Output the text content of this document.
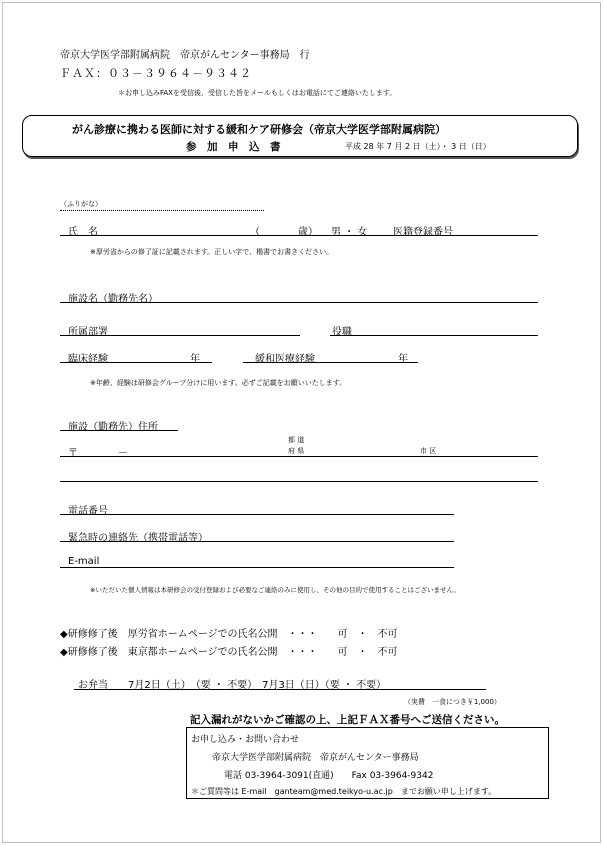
帝京大学医学部附属病院　帝京がんセンター事務局　行
ＦＡＸ：０３－３９６４－９３４２
＊お申し込みFAXを受信後、受信した旨をメールもしくはお電話にてご連絡いたします。
がん診療に携わる医師に対する緩和ケア研修会（帝京大学医学部附属病院）
参　加　申　込　書	平成 28 年 7 月 2 日（土）・ 3 日（日）
（ふりがな）
氏　名	（	歳） 男 ・ 女	医籍登録番号
※厚労省からの修了証に記載されます。正しい字で、楷書でお書きください。
施設名（勤務先名）
所属部署	役職
臨床経験	年	緩和医療経験	年
※年齢、経験は研修会グループ分けに用います。必ずご記載をお願いいたします。
施設（勤務先）住所
都 道
府 県	市 区
〒	－
電話番号
緊急時の連絡先（携帯電話等）
E-mail
※いただいた個人情報は本研修会の受付登録および必要なご連絡のみに使用し、その他の目的で使用することはございません。
◆研修修了後　厚労省ホームページでの氏名公開　・・・　　可　・　不可
◆研修修了後　東京都ホームページでの氏名公開　・・・　　可　・　不可
お弁当　　7月2日（土）　（要 ・ 不要）　7月3日（日）（要 ・ 不要）
（実費　一食につき￥1,000）
記入漏れがないかご確認の上、上記ＦＡＸ番号へご送信ください。
お申し込み・お問い合わせ
帝京大学医学部附属病院　帝京がんセンター事務局
電話 03-3964-3091(直通)　　Fax 03-3964-9342
＊ご質問等は E-mail　ganteam@med.teikyo-u.ac.jp　までお願い申し上げます。
